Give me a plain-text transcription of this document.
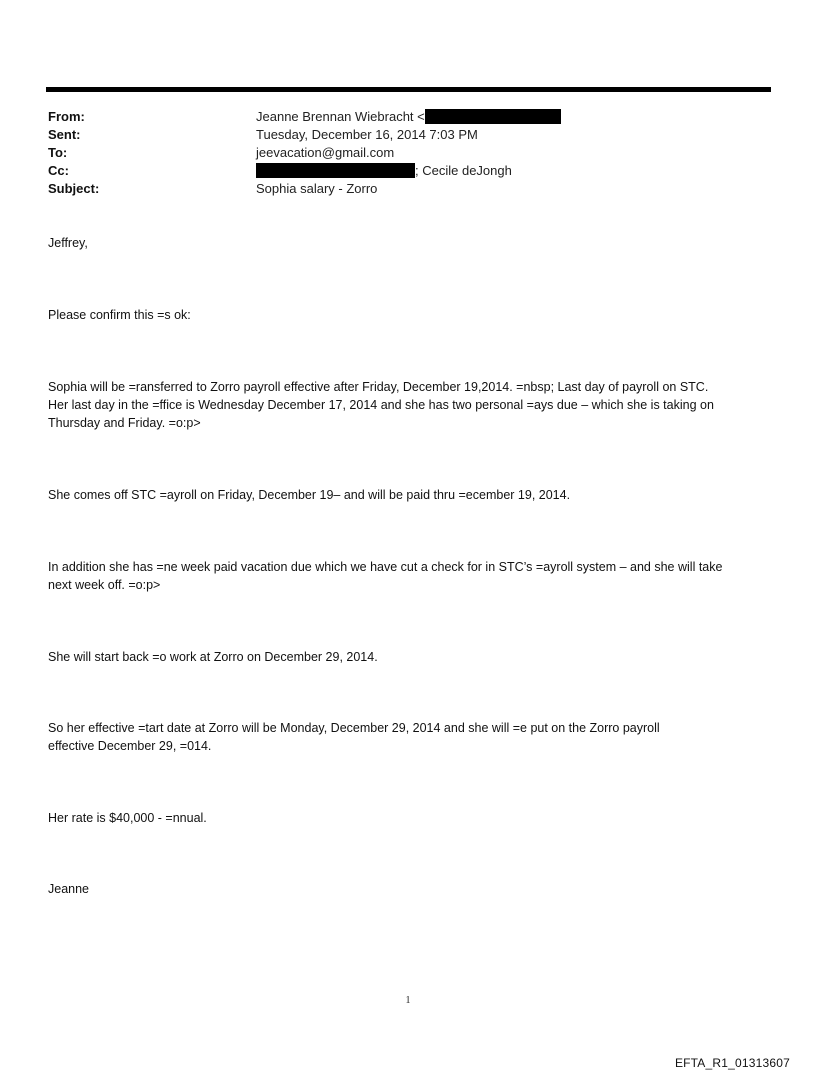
From:	Jeanne Brennan Wiebracht <
Sent:	Tuesday, December 16, 2014 7:03 PM
To:	jeevacation@gmail.com
Cc:	; Cecile deJongh
Subject:	Sophia salary - Zorro
Jeffrey,
Please confirm this =s ok:
Sophia will be =ransferred to Zorro payroll effective after Friday, December 19,2014. =nbsp; Last day of payroll on STC.
Her last day in the =ffice is Wednesday December 17, 2014 and she has two personal =ays due – which she is taking on
Thursday and Friday. =o:p>
She comes off STC =ayroll on Friday, December 19– and will be paid thru =ecember 19, 2014.
In addition she has =ne week paid vacation due which we have cut a check for in STC’s =ayroll system – and she will take
next week off. =o:p>
She will start back =o work at Zorro on December 29, 2014.
So her effective =tart date at Zorro will be Monday, December 29, 2014 and she will =e put on the Zorro payroll
effective December 29, =014.
Her rate is $40,000 - =nnual.
Jeanne
1
EFTA_R1_01313607
